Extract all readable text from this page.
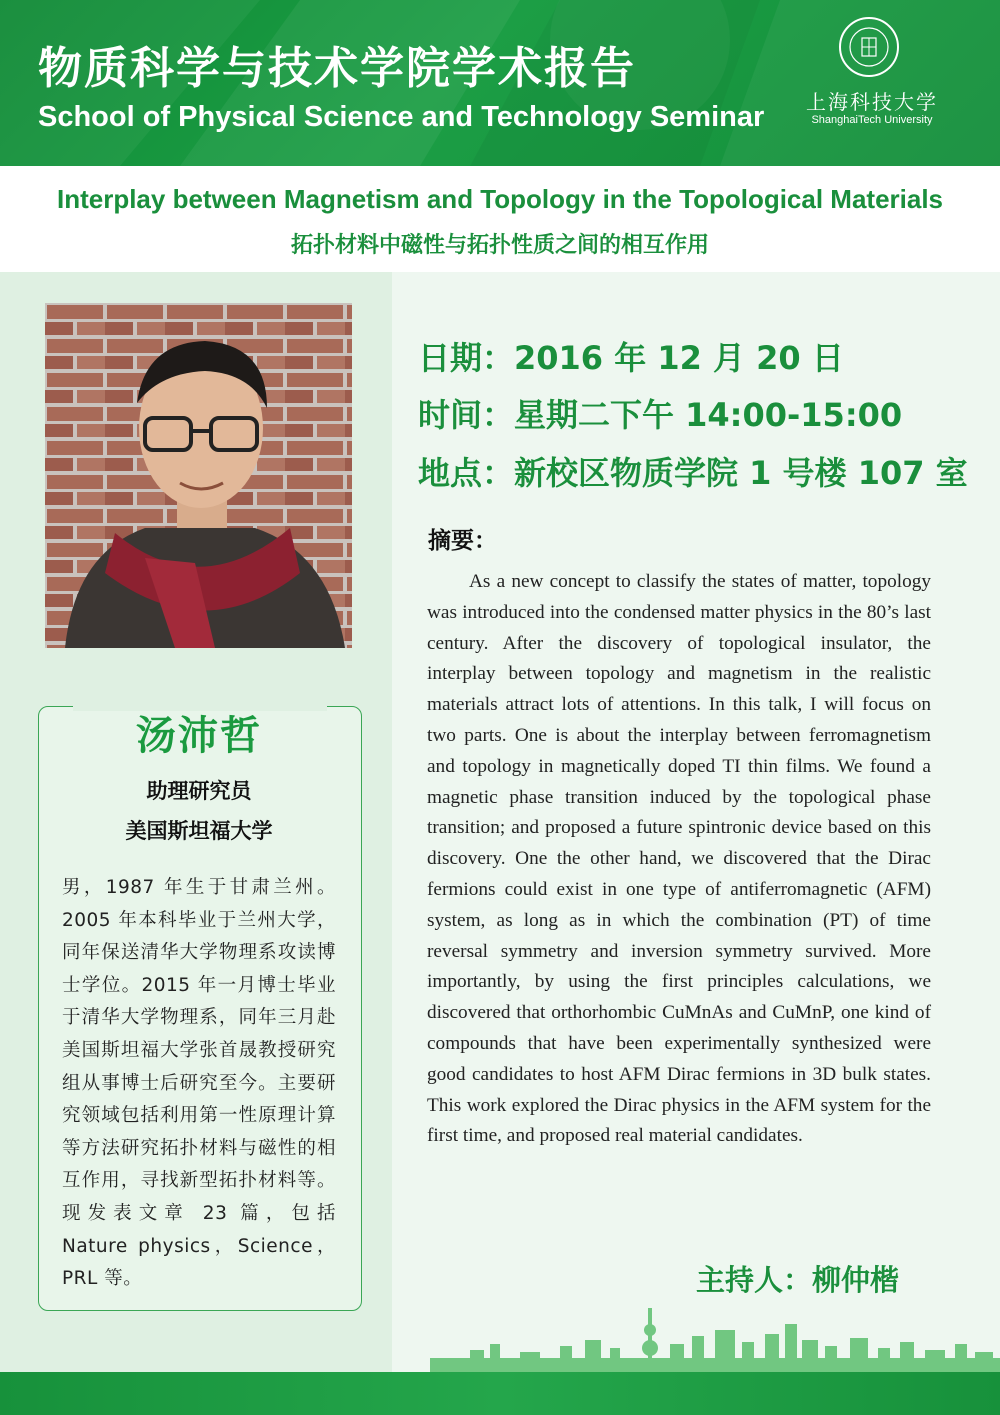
物质科学与技术学院学术报告
School of Physical Science and Technology Seminar	上海科技大学
ShanghaiTech University
Interplay between Magnetism and Topology in the Topological Materials
拓扑材料中磁性与拓扑性质之间的相互作用
汤沛哲
助理研究员
美国斯坦福大学
男，1987 年生于甘肃兰州。2005 年本科毕业于兰州大学，同年保送清华大学物理系攻读博士学位。2015 年一月博士毕业于清华大学物理系，同年三月赴美国斯坦福大学张首晟教授研究组从事博士后研究至今。主要研究领域包括利用第一性原理计算等方法研究拓扑材料与磁性的相互作用，寻找新型拓扑材料等。现发表文章 23 篇，包括 Nature physics，Science， PRL 等。
日期：2016 年 12 月 20 日
时间：星期二下午 14:00-15:00
地点：新校区物质学院 1 号楼 107 室
摘要：
As a new concept to classify the states of matter, topology was introduced into the condensed matter physics in the 80’s last century. After the discovery of topological insulator, the interplay between topology and magnetism in the realistic materials attract lots of attentions. In this talk, I will focus on two parts. One is about the interplay between ferromagnetism and topology in magnetically doped TI thin films. We found a magnetic phase transition induced by the topological phase transition; and proposed a future spintronic device based on this discovery. One the other hand, we discovered that the Dirac fermions could exist in one type of antiferromagnetic (AFM) system, as long as in which the combination (PT) of time reversal symmetry and inversion symmetry survived. More importantly, by using the first principles calculations, we discovered that orthorhombic CuMnAs and CuMnP, one kind of compounds that have been experimentally synthesized were good candidates to host AFM Dirac fermions in 3D bulk states. This work explored the Dirac physics in the AFM system for the first time, and proposed real material candidates.
主持人：柳仲楷
